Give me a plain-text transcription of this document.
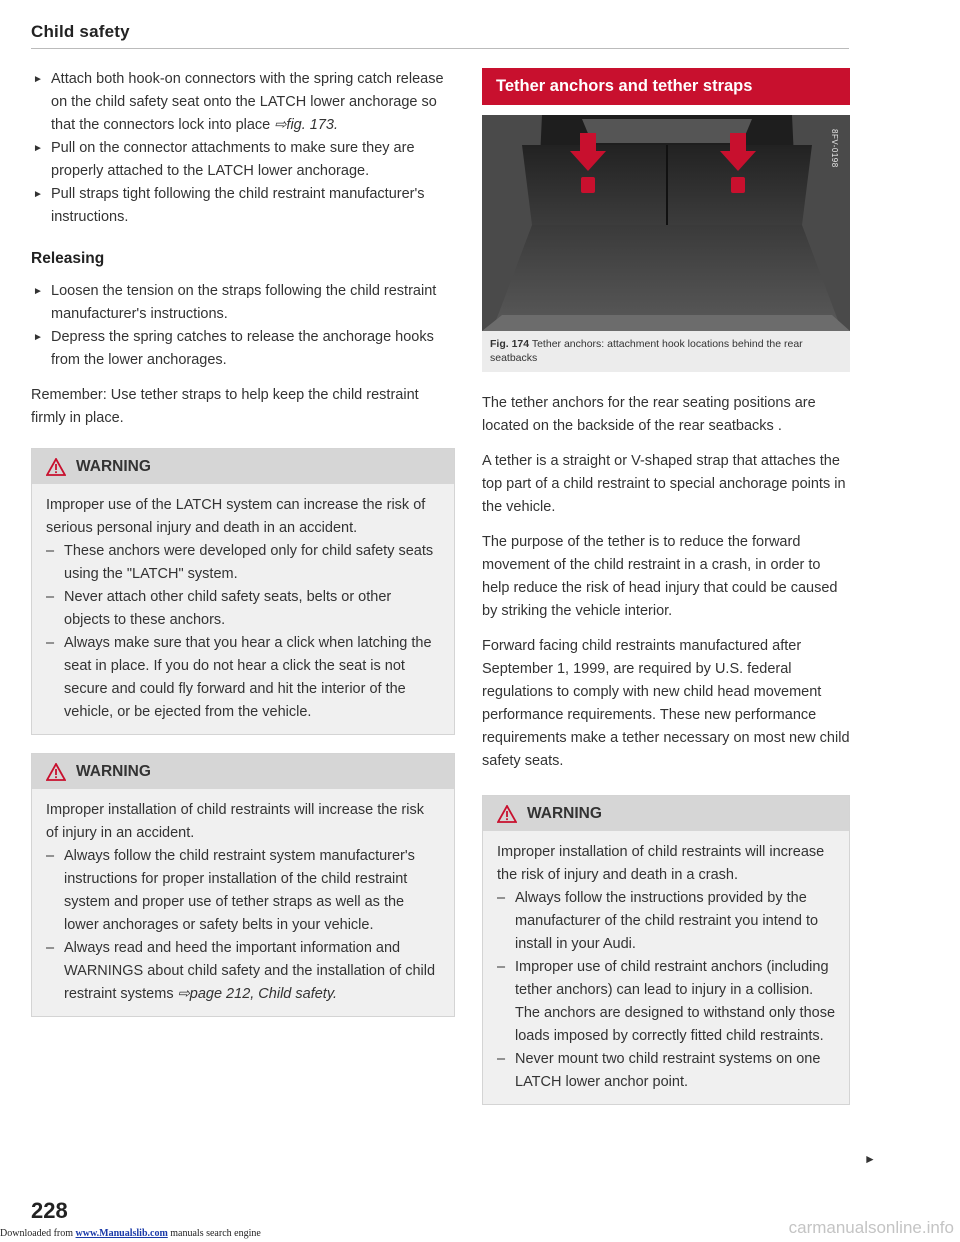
Child safety
► Attach both hook-on connectors with the spring catch release on the child safety seat onto the LATCH lower anchorage so that the connectors lock into place ⇨fig. 173.
► Pull on the connector attachments to make sure they are properly attached to the LATCH lower anchorage.
► Pull straps tight following the child restraint manufacturer's instructions.
Releasing
► Loosen the tension on the straps following the child restraint manufacturer's instructions.
► Depress the spring catches to release the anchorage hooks from the lower anchorages.
Remember: Use tether straps to help keep the child restraint firmly in place.
WARNING
Improper use of the LATCH system can increase the risk of serious personal injury and death in an accident.
– These anchors were developed only for child safety seats using the "LATCH" system.
– Never attach other child safety seats, belts or other objects to these anchors.
– Always make sure that you hear a click when latching the seat in place. If you do not hear a click the seat is not secure and could fly forward and hit the interior of the vehicle, or be ejected from the vehicle.
WARNING
Improper installation of child restraints will increase the risk of injury in an accident.
– Always follow the child restraint system manufacturer's instructions for proper installation of the child restraint system and proper use of tether straps as well as the lower anchorages or safety belts in your vehicle.
– Always read and heed the important information and WARNINGS about child safety and the installation of child restraint systems ⇨page 212, Child safety.
Tether anchors and tether straps
8FV-0198
Fig. 174 Tether anchors: attachment hook locations behind the rear seatbacks
The tether anchors for the rear seating positions are located on the backside of the rear seatbacks .
A tether is a straight or V-shaped strap that attaches the top part of a child restraint to special anchorage points in the vehicle.
The purpose of the tether is to reduce the forward movement of the child restraint in a crash, in order to help reduce the risk of head injury that could be caused by striking the vehicle interior.
Forward facing child restraints manufactured after September 1, 1999, are required by U.S. federal regulations to comply with new child head movement performance requirements. These new performance requirements make a tether necessary on most new child safety seats.
WARNING
Improper installation of child restraints will increase the risk of injury and death in a crash.
– Always follow the instructions provided by the manufacturer of the child restraint you intend to install in your Audi.
– Improper use of child restraint anchors (including tether anchors) can lead to injury in a collision. The anchors are designed to withstand only those loads imposed by correctly fitted child restraints.
– Never mount two child restraint systems on one LATCH lower anchor point.
►
228
Downloaded from www.Manualslib.com manuals search engine	carmanualsonline.info
